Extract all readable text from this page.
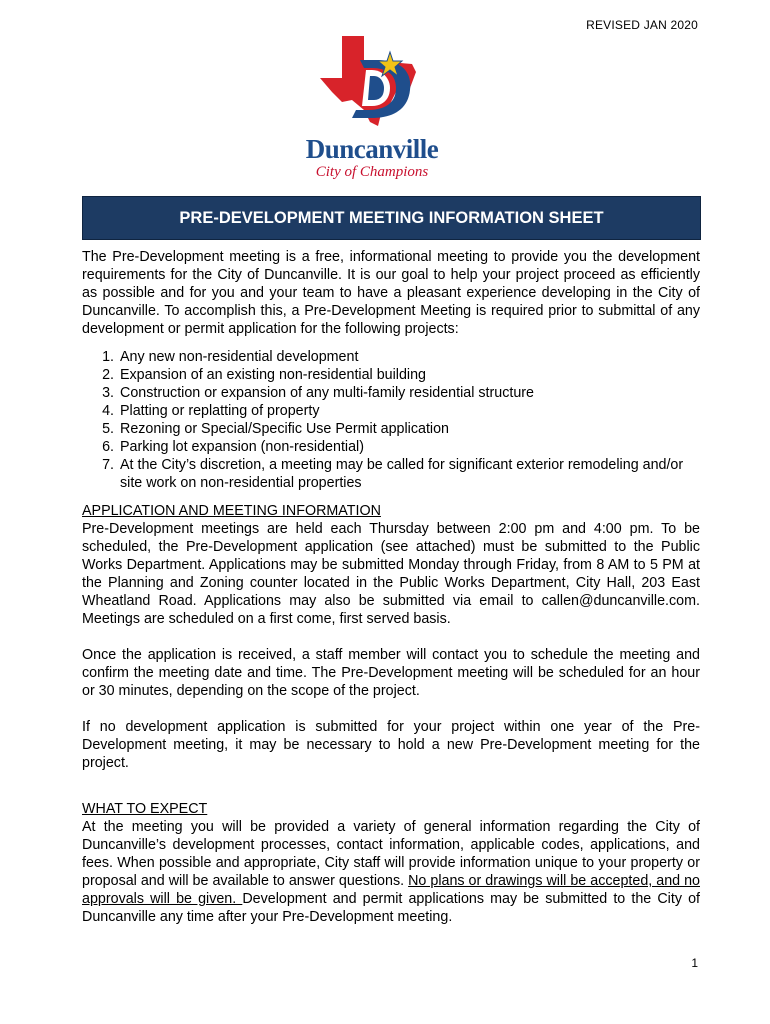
REVISED JAN 2020
Duncanville
City of Champions
PRE-DEVELOPMENT MEETING INFORMATION SHEET

The Pre-Development meeting is a free, informational meeting to provide you the development requirements for the City of Duncanville. It is our goal to help your project proceed as efficiently as possible and for you and your team to have a pleasant experience developing in the City of Duncanville. To accomplish this, a Pre-Development Meeting is required prior to submittal of any development or permit application for the following projects:

1. Any new non-residential development
2. Expansion of an existing non-residential building
3. Construction or expansion of any multi-family residential structure
4. Platting or replatting of property
5. Rezoning or Special/Specific Use Permit application
6. Parking lot expansion (non-residential)
7. At the City’s discretion, a meeting may be called for significant exterior remodeling and/or site work on non-residential properties

APPLICATION AND MEETING INFORMATION

Pre-Development meetings are held each Thursday between 2:00 pm and 4:00 pm. To be scheduled, the Pre-Development application (see attached) must be submitted to the Public Works Department. Applications may be submitted Monday through Friday, from 8 AM to 5 PM at the Planning and Zoning counter located in the Public Works Department, City Hall, 203 East Wheatland Road. Applications may also be submitted via email to callen@duncanville.com. Meetings are scheduled on a first come, first served basis.

Once the application is received, a staff member will contact you to schedule the meeting and confirm the meeting date and time. The Pre-Development meeting will be scheduled for an hour or 30 minutes, depending on the scope of the project.

If no development application is submitted for your project within one year of the Pre-Development meeting, it may be necessary to hold a new Pre-Development meeting for the project.

WHAT TO EXPECT

At the meeting you will be provided a variety of general information regarding the City of Duncanville’s development processes, contact information, applicable codes, applications, and fees. When possible and appropriate, City staff will provide information unique to your property or proposal and will be available to answer questions. No plans or drawings will be accepted, and no approvals will be given. Development and permit applications may be submitted to the City of Duncanville any time after your Pre-Development meeting.

1
